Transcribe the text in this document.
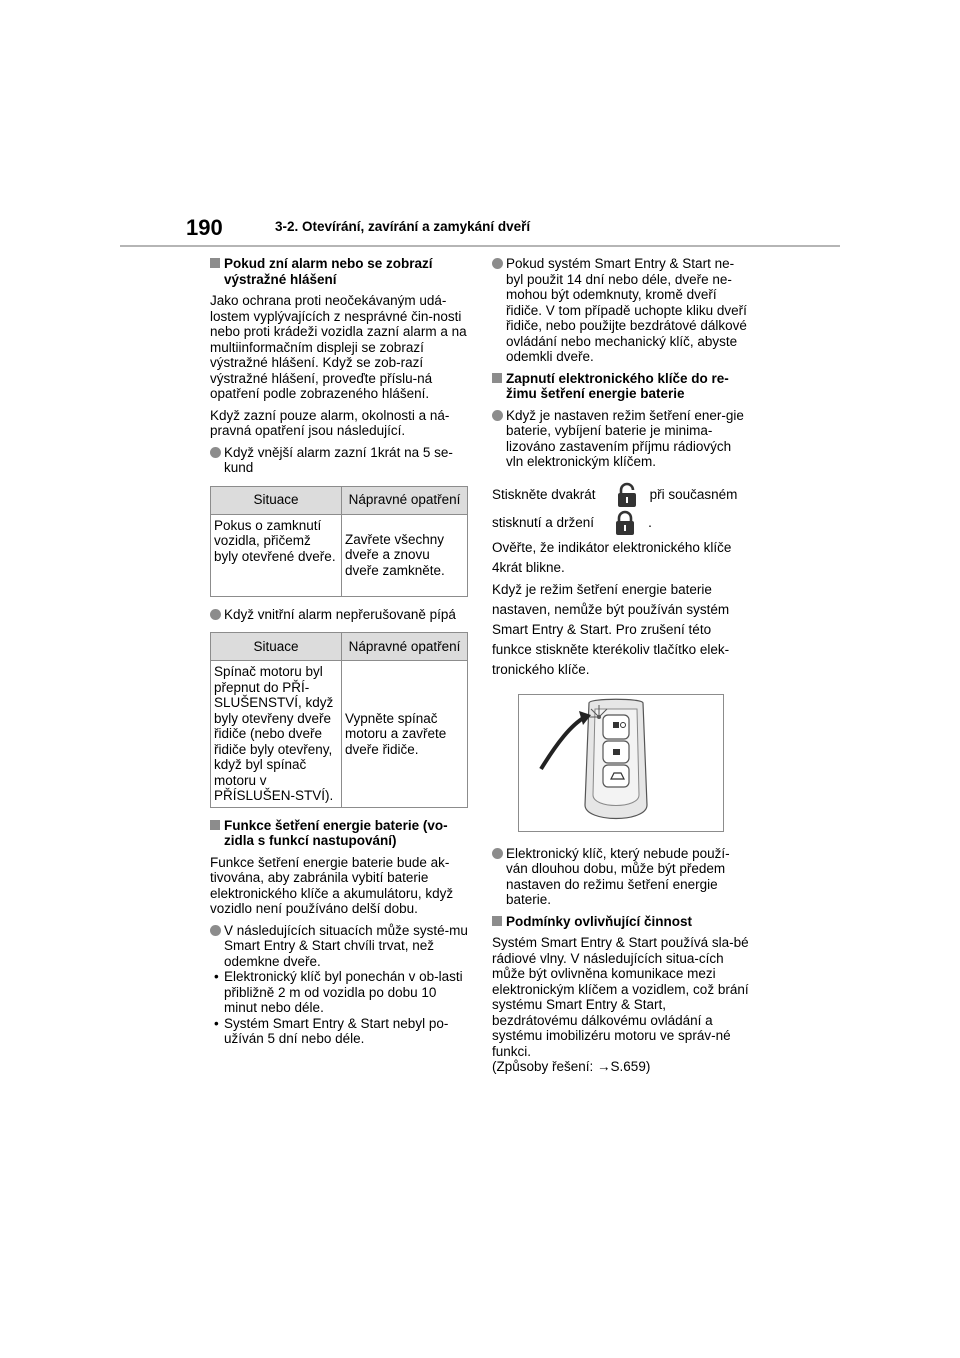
190	3-2. Otevírání, zavírání a zamykání dveří
Pokud zní alarm nebo se zobrazí výstražné hlášení

Jako ochrana proti neočekávaným udá-lostem vyplývajících z nesprávné čin-nosti nebo proti krádeži vozidla zazní alarm a na multiinformačním displeji se zobrazí výstražné hlášení. Když se zob-razí výstražné hlášení, proveďte příslu-ná opatření podle zobrazeného hlášení.

Když zazní pouze alarm, okolnosti a ná-pravná opatření jsou následující.

Když vnější alarm zazní 1krát na 5 se-kund
Situace	Nápravné opatření
Pokus o zamknutí vozidla, přičemž byly otevřené dveře.	Zavřete všechny dveře a znovu dveře zamkněte.
Když vnitřní alarm nepřerušovaně pípá
Situace	Nápravné opatření
Spínač motoru byl přepnut do PŘÍ-SLUŠENSTVÍ, když byly otevřeny dveře řidiče (nebo dveře řidiče byly otevřeny, když byl spínač motoru v PŘÍSLUŠEN-STVÍ).	Vypněte spínač motoru a zavřete dveře řidiče.
Funkce šetření energie baterie (vo-zidla s funkcí nastupování)

Funkce šetření energie baterie bude ak-tivována, aby zabránila vybití baterie elektronického klíče a akumulátoru, když vozidlo není používáno delší dobu.

V následujících situacích může systé-mu Smart Entry & Start chvíli trvat, než odemkne dveře.
• Elektronický klíč byl ponechán v ob-lasti přibližně 2 m od vozidla po dobu 10 minut nebo déle.
• Systém Smart Entry & Start nebyl po-užíván 5 dní nebo déle.
Pokud systém Smart Entry & Start ne-byl použit 14 dní nebo déle, dveře ne-mohou být odemknuty, kromě dveří řidiče. V tom případě uchopte kliku dveří řidiče, nebo použijte bezdrátové dálkové ovládání nebo mechanický klíč, abyste odemkli dveře.
Zapnutí elektronického klíče do re-žimu šetření energie baterie
Když je nastaven režim šetření ener-gie baterie, vybíjení baterie je minima-lizováno zastavením příjmu rádiových vln elektronickým klíčem.
Stiskněte dvakrát	při současném
stisknutí a držení	.

Ověřte, že indikátor elektronického klíče 4krát blikne.

Když je režim šetření energie baterie nastaven, nemůže být používán systém Smart Entry & Start. Pro zrušení této funkce stiskněte kterékoliv tlačítko elek-tronického klíče.

Elektronický klíč, který nebude použí-ván dlouhou dobu, může být předem nastaven do režimu šetření energie baterie.
Podmínky ovlivňující činnost

Systém Smart Entry & Start používá sla-bé rádiové vlny. V následujících situa-cích může být ovlivněna komunikace mezi elektronickým klíčem a vozidlem, což brání systému Smart Entry & Start, bezdrátovému dálkovému ovládání a systému imobilizéru motoru ve správ-né funkci.

(Způsoby řešení: →S.659)
